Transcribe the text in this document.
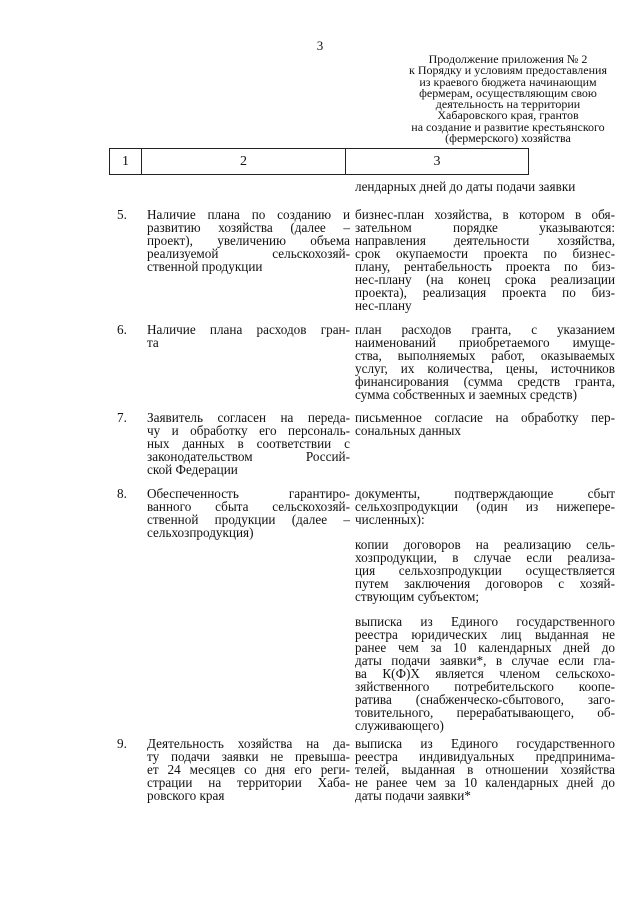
3
Продолжение приложения № 2
к Порядку и условиям предоставления
из краевого бюджета начинающим
фермерам, осуществляющим свою
деятельность на территории
Хабаровского края, грантов
на создание и развитие крестьянского
(фермерского) хозяйства
1	2	3
лендарных дней до даты подачи заявки
5. Наличие плана по созданию и
развитию хозяйства (далее –
проект), увеличению объема
реализуемой сельскохозяй-
ственной продукции
бизнес-план хозяйства, в котором в обя-
зательном порядке указываются:
направления деятельности хозяйства,
срок окупаемости проекта по бизнес-
плану, рентабельность проекта по биз-
нес-плану (на конец срока реализации
проекта), реализация проекта по биз-
нес-плану
6. Наличие плана расходов гран-
та
план расходов гранта, с указанием
наименований приобретаемого имуще-
ства, выполняемых работ, оказываемых
услуг, их количества, цены, источников
финансирования (сумма средств гранта,
сумма собственных и заемных средств)
7. Заявитель согласен на переда-
чу и обработку его персональ-
ных данных в соответствии с
законодательством Россий-
ской Федерации
письменное согласие на обработку пер-
сональных данных
8. Обеспеченность гарантиро-
ванного сбыта сельскохозяй-
ственной продукции (далее –
сельхозпродукция)
документы, подтверждающие сбыт
сельхозпродукции (один из нижепере-
численных):
копии договоров на реализацию сель-
хозпродукции, в случае если реализа-
ция сельхозпродукции осуществляется
путем заключения договоров с хозяй-
ствующим субъектом;
выписка из Единого государственного
реестра юридических лиц выданная не
ранее чем за 10 календарных дней до
даты подачи заявки*, в случае если гла-
ва К(Ф)Х является членом сельскохо-
зяйственного потребительского коопе-
ратива (снабженческо-сбытового, заго-
товительного, перерабатывающего, об-
служивающего)
9. Деятельность хозяйства на да-
ту подачи заявки не превыша-
ет 24 месяцев со дня его реги-
страции на территории Хаба-
ровского края
выписка из Единого государственного
реестра индивидуальных предпринима-
телей, выданная в отношении хозяйства
не ранее чем за 10 календарных дней до
даты подачи заявки*
